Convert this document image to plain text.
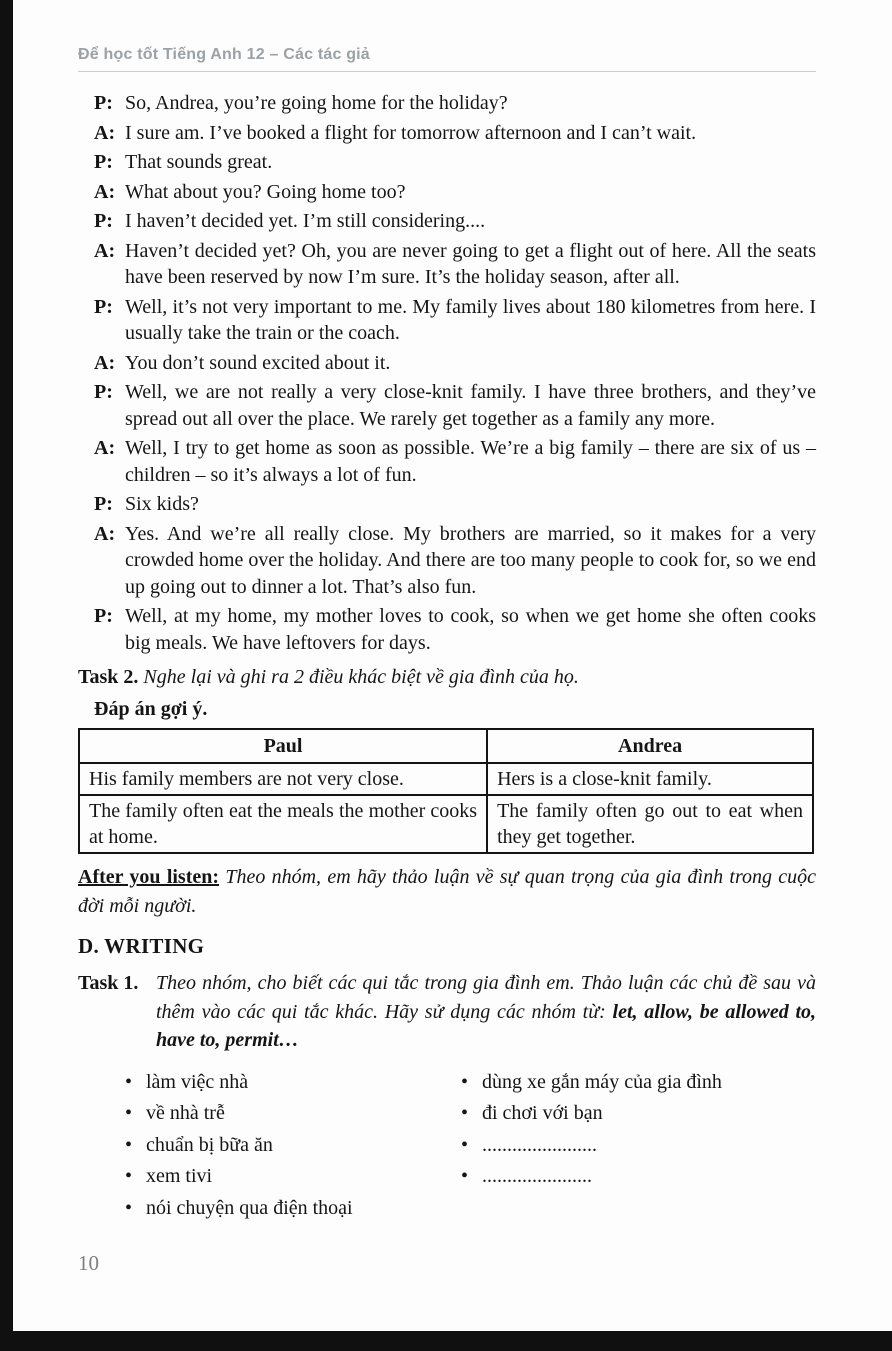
Để học tốt Tiếng Anh 12 – Các tác giả

P: So, Andrea, you’re going home for the holiday?

A: I sure am. I’ve booked a flight for tomorrow afternoon and I can’t wait.

P: That sounds great.

A: What about you? Going home too?

P: I haven’t decided yet. I’m still considering....

A: Haven’t decided yet? Oh, you are never going to get a flight out of here. All the seats have been reserved by now I’m sure. It’s the holiday season, after all.

P: Well, it’s not very important to me. My family lives about 180 kilometres from here. I usually take the train or the coach.

A: You don’t sound excited about it.

P: Well, we are not really a very close-knit family. I have three brothers, and they’ve spread out all over the place. We rarely get together as a family any more.

A: Well, I try to get home as soon as possible. We’re a big family – there are six of us – children – so it’s always a lot of fun.

P: Six kids?

A: Yes. And we’re all really close. My brothers are married, so it makes for a very crowded home over the holiday. And there are too many people to cook for, so we end up going out to dinner a lot. That’s also fun.

P: Well, at my home, my mother loves to cook, so when we get home she often cooks big meals. We have leftovers for days.

Task 2. Nghe lại và ghi ra 2 điều khác biệt về gia đình của họ.

Đáp án gợi ý.

Paul	Andrea
His family members are not very close.	Hers is a close-knit family.
The family often eat the meals the mother cooks at home.	The family often go out to eat when they get together.

After you listen: Theo nhóm, em hãy thảo luận về sự quan trọng của gia đình trong cuộc đời mỗi người.

D. WRITING

Task 1. Theo nhóm, cho biết các qui tắc trong gia đình em. Thảo luận các chủ đề sau và thêm vào các qui tắc khác. Hãy sử dụng các nhóm từ: let, allow, be allowed to, have to, permit…

• làm việc nhà
• về nhà trễ
• chuẩn bị bữa ăn
• xem tivi
• nói chuyện qua điện thoại
• dùng xe gắn máy của gia đình
• đi chơi với bạn
• .......................
• ......................
10
